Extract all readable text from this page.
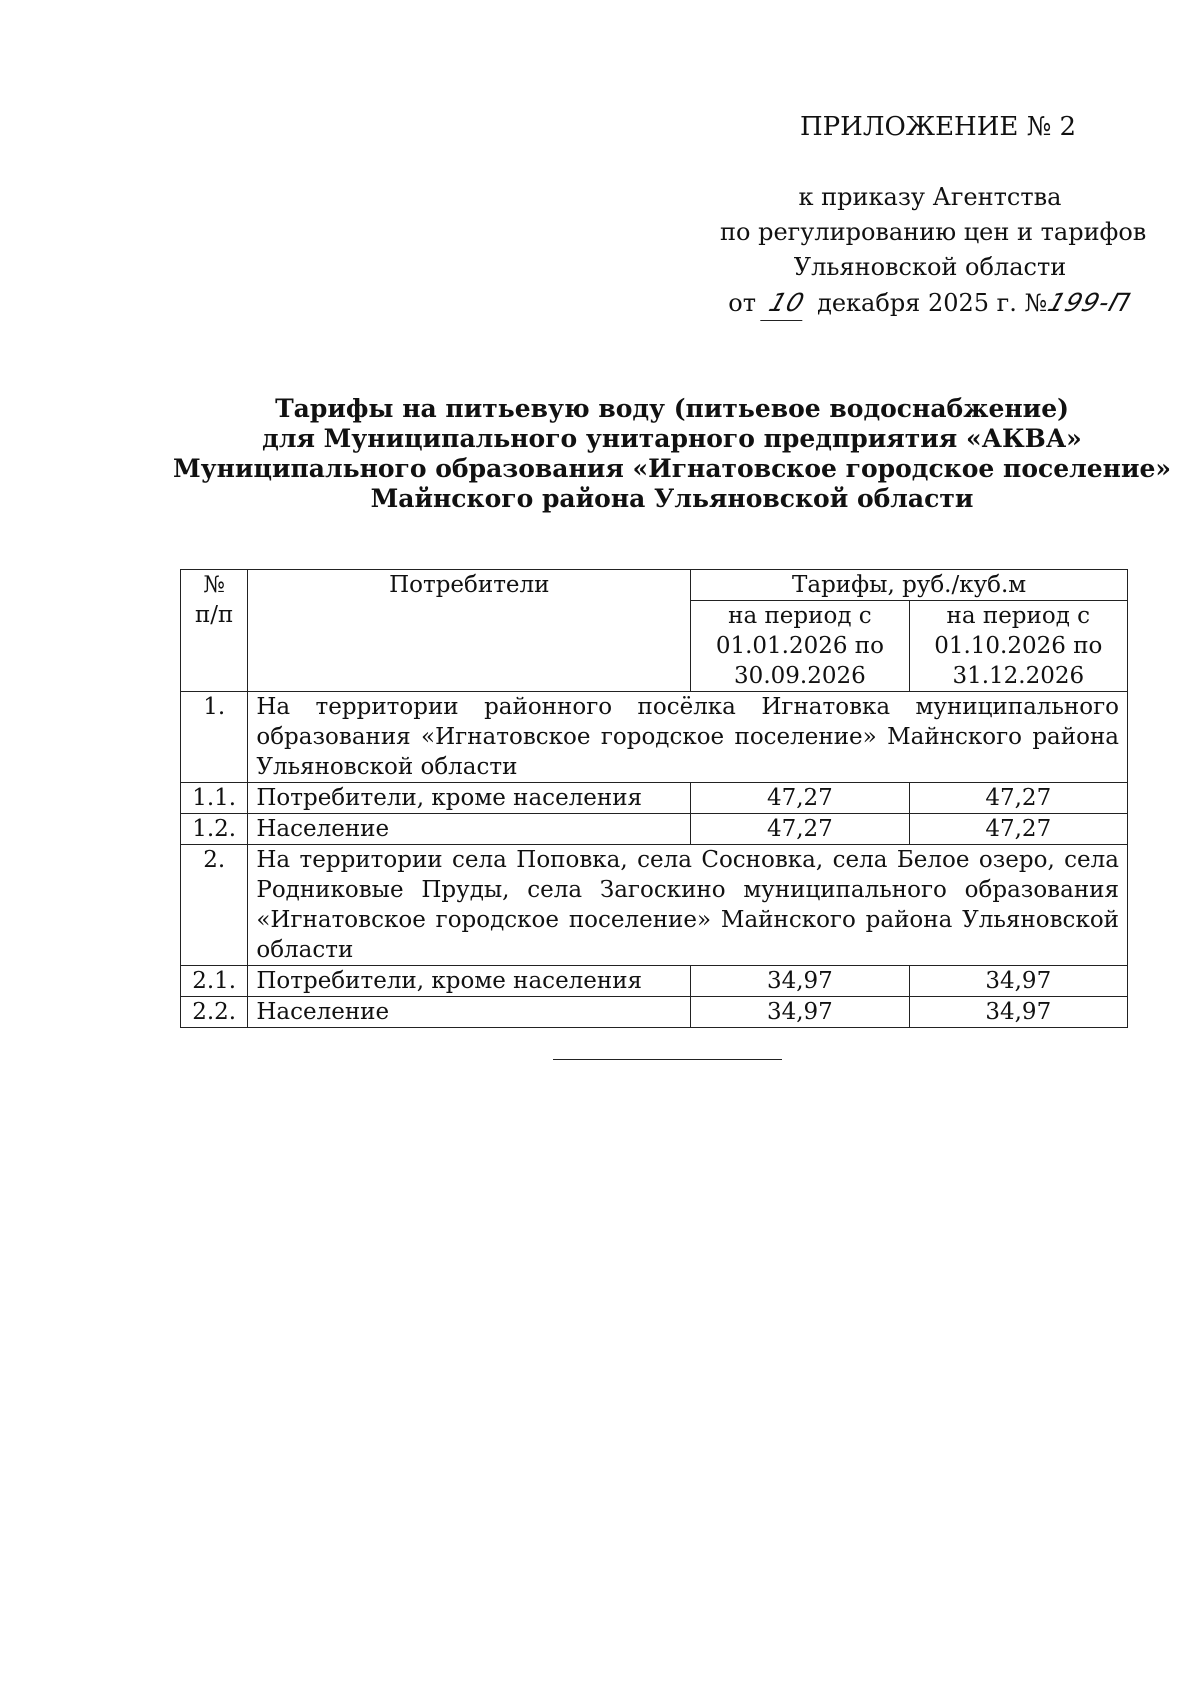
ПРИЛОЖЕНИЕ № 2
к приказу Агентства
по регулированию цен и тарифов
Ульяновской области
от 10 декабря 2025 г. №199-П
Тарифы на питьевую воду (питьевое водоснабжение)
для Муниципального унитарного предприятия «АКВА»
Муниципального образования «Игнатовское городское поселение»
Майнского района Ульяновской области
№ п/п	Потребители	Тарифы, руб./куб.м	
		на период с 01.01.2026 по 30.09.2026	на период с 01.10.2026 по 31.12.2026
1.	На территории районного посёлка Игнатовка муниципального образования «Игнатовское городское поселение» Майнского района Ульяновской области		
1.1.	Потребители, кроме населения	47,27	47,27
1.2.	Население	47,27	47,27
2.	На территории села Поповка, села Сосновка, села Белое озеро, села Родниковые Пруды, села Загоскино муниципального образования «Игнатовское городское поселение» Майнского района Ульяновской области		
2.1.	Потребители, кроме населения	34,97	34,97
2.2.	Население	34,97	34,97
